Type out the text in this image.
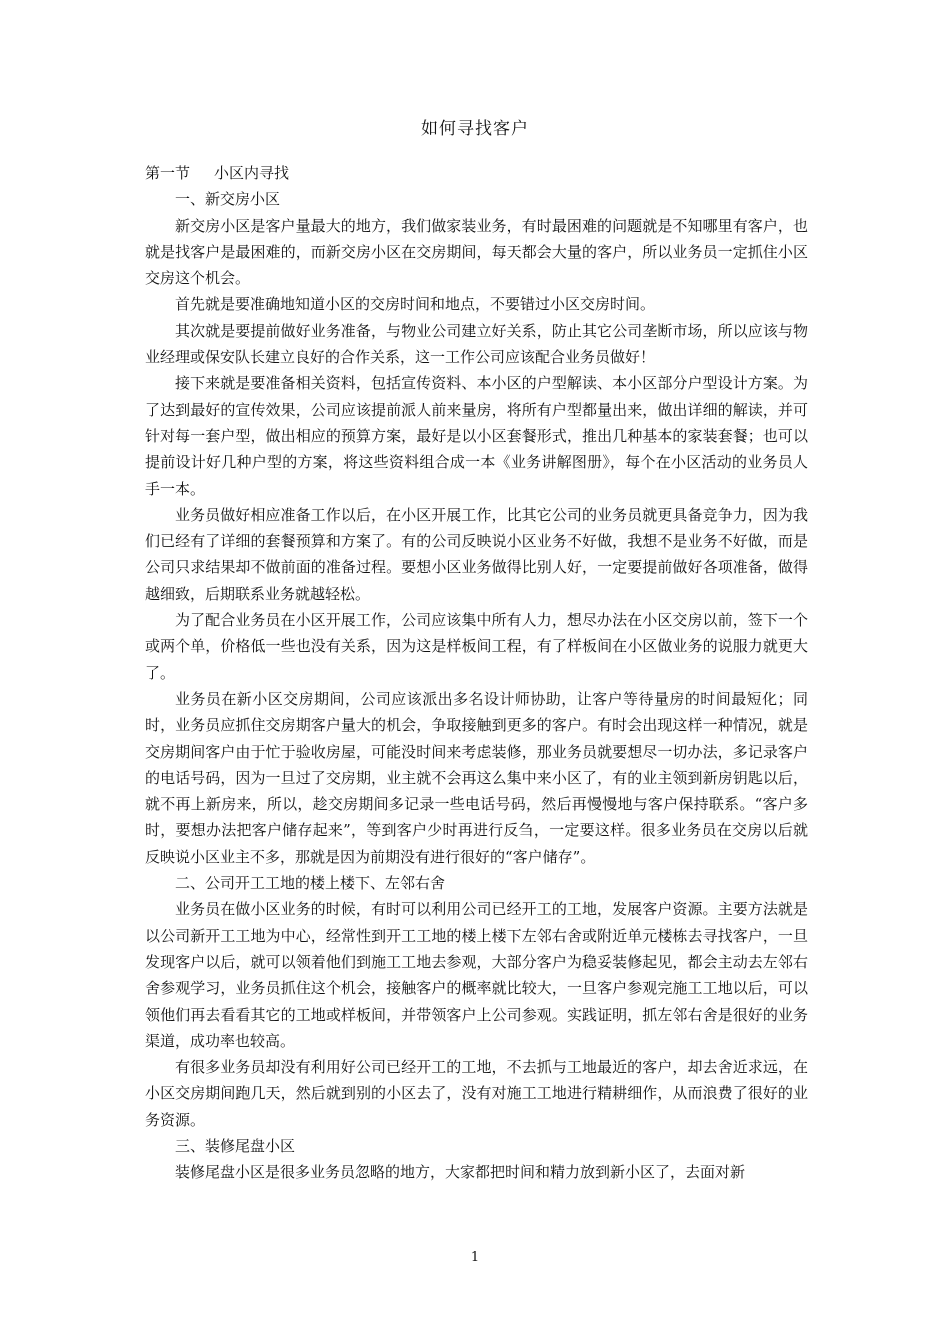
如何寻找客户

第一节 小区内寻找

一、新交房小区

新交房小区是客户量最大的地方，我们做家装业务，有时最困难的问题就是不知哪里有客户，也就是找客户是最困难的，而新交房小区在交房期间，每天都会大量的客户，所以业务员一定抓住小区交房这个机会。

首先就是要准确地知道小区的交房时间和地点，不要错过小区交房时间。

其次就是要提前做好业务准备，与物业公司建立好关系，防止其它公司垄断市场，所以应该与物业经理或保安队长建立良好的合作关系，这一工作公司应该配合业务员做好！

接下来就是要准备相关资料，包括宣传资料、本小区的户型解读、本小区部分户型设计方案。为了达到最好的宣传效果，公司应该提前派人前来量房，将所有户型都量出来，做出详细的解读，并可针对每一套户型，做出相应的预算方案，最好是以小区套餐形式，推出几种基本的家装套餐；也可以提前设计好几种户型的方案，将这些资料组合成一本《业务讲解图册》，每个在小区活动的业务员人手一本。

业务员做好相应准备工作以后，在小区开展工作，比其它公司的业务员就更具备竞争力，因为我们已经有了详细的套餐预算和方案了。有的公司反映说小区业务不好做，我想不是业务不好做，而是公司只求结果却不做前面的准备过程。要想小区业务做得比别人好，一定要提前做好各项准备，做得越细致，后期联系业务就越轻松。

为了配合业务员在小区开展工作，公司应该集中所有人力，想尽办法在小区交房以前，签下一个或两个单，价格低一些也没有关系，因为这是样板间工程，有了样板间在小区做业务的说服力就更大了。

业务员在新小区交房期间，公司应该派出多名设计师协助，让客户等待量房的时间最短化；同时，业务员应抓住交房期客户量大的机会，争取接触到更多的客户。有时会出现这样一种情况，就是交房期间客户由于忙于验收房屋，可能没时间来考虑装修，那业务员就要想尽一切办法，多记录客户的电话号码，因为一旦过了交房期，业主就不会再这么集中来小区了，有的业主领到新房钥匙以后，就不再上新房来，所以，趁交房期间多记录一些电话号码，然后再慢慢地与客户保持联系。“客户多时，要想办法把客户储存起来”，等到客户少时再进行反刍，一定要这样。很多业务员在交房以后就反映说小区业主不多，那就是因为前期没有进行很好的“客户储存”。

二、公司开工工地的楼上楼下、左邻右舍

业务员在做小区业务的时候，有时可以利用公司已经开工的工地，发展客户资源。主要方法就是以公司新开工工地为中心，经常性到开工工地的楼上楼下左邻右舍或附近单元楼栋去寻找客户，一旦发现客户以后，就可以领着他们到施工工地去参观，大部分客户为稳妥装修起见，都会主动去左邻右舍参观学习，业务员抓住这个机会，接触客户的概率就比较大，一旦客户参观完施工工地以后，可以领他们再去看看其它的工地或样板间，并带领客户上公司参观。实践证明，抓左邻右舍是很好的业务渠道，成功率也较高。

有很多业务员却没有利用好公司已经开工的工地，不去抓与工地最近的客户，却去舍近求远，在小区交房期间跑几天，然后就到别的小区去了，没有对施工工地进行精耕细作，从而浪费了很好的业务资源。

三、装修尾盘小区

装修尾盘小区是很多业务员忽略的地方，大家都把时间和精力放到新小区了，去面对新

1
